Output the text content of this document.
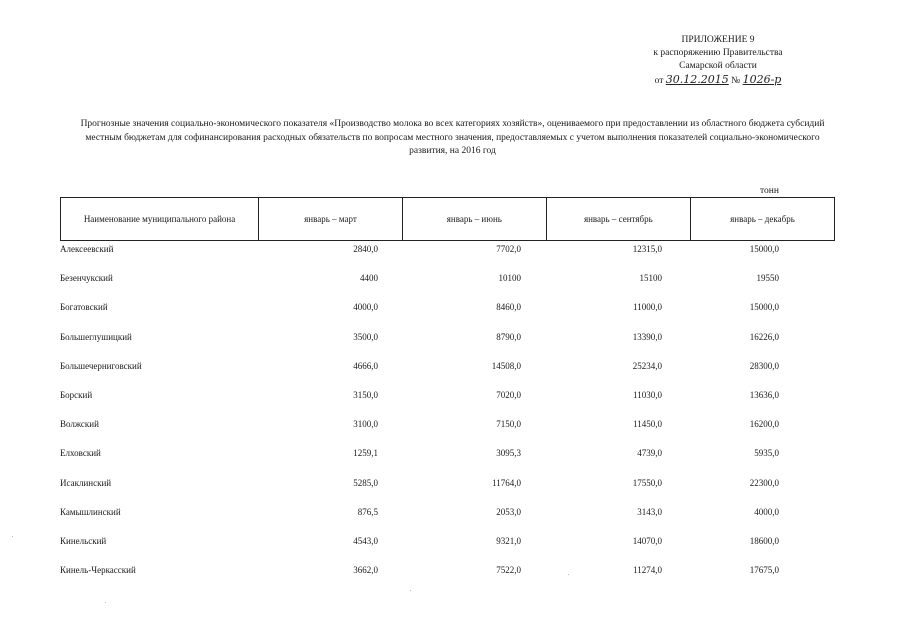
ПРИЛОЖЕНИЕ 9
к распоряжению Правительства
Самарской области
от 30.12.2015 № 1026-р
Прогнозные значения социально-экономического показателя «Производство молока во всех категориях хозяйств», оцениваемого при предоставлении из областного бюджета субсидий местным бюджетам для софинансирования расходных обязательств по вопросам местного значения, предоставляемых с учетом выполнения показателей социально-экономического развития, на 2016 год
тонн
Наименование муниципального района	январь – март	январь – июнь	январь – сентябрь	январь – декабрь
Алексеевский	2840,0	7702,0	12315,0	15000,0
Безенчукский	4400	10100	15100	19550
Богатовский	4000,0	8460,0	11000,0	15000,0
Большеглушицкий	3500,0	8790,0	13390,0	16226,0
Большечерниговский	4666,0	14508,0	25234,0	28300,0
Борский	3150,0	7020,0	11030,0	13636,0
Волжский	3100,0	7150,0	11450,0	16200,0
Елховский	1259,1	3095,3	4739,0	5935,0
Исаклинский	5285,0	11764,0	17550,0	22300,0
Камышлинский	876,5	2053,0	3143,0	4000,0
Кинельский	4543,0	9321,0	14070,0	18600,0
Кинель-Черкасский	3662,0	7522,0	11274,0	17675,0
